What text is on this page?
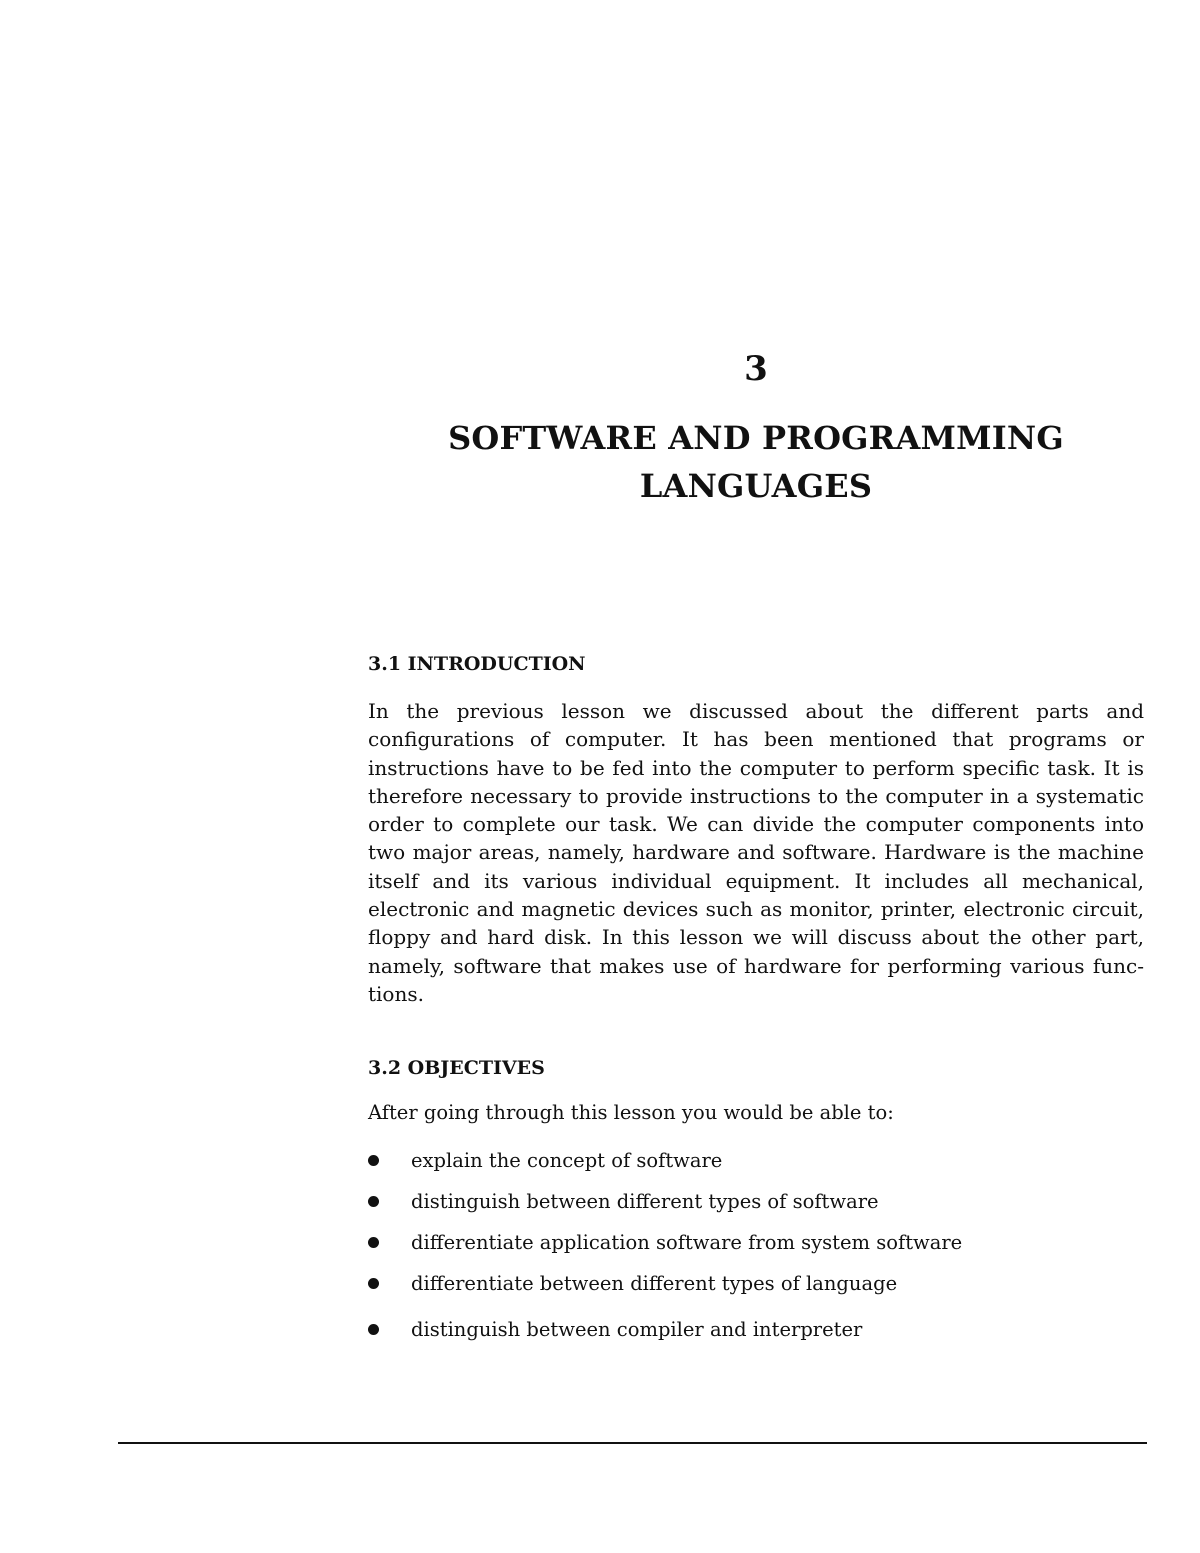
3
SOFTWARE AND PROGRAMMING LANGUAGES
3.1 INTRODUCTION

In the previous lesson we discussed about the different parts and configurations of computer. It has been mentioned that programs or instructions have to be fed into the computer to perform specific task. It is therefore necessary to provide instructions to the computer in a systematic order to complete our task. We can divide the computer components into two major areas, namely, hardware and software. Hardware is the machine itself and its various individual equipment. It includes all mechanical, electronic and magnetic devices such as monitor, printer, electronic circuit, floppy and hard disk. In this lesson we will discuss about the other part, namely, software that makes use of hardware for performing various functions.

3.2 OBJECTIVES

After going through this lesson you would be able to:

explain the concept of software
distinguish between different types of software
differentiate application software from system software
differentiate between different types of language
distinguish between compiler and interpreter
